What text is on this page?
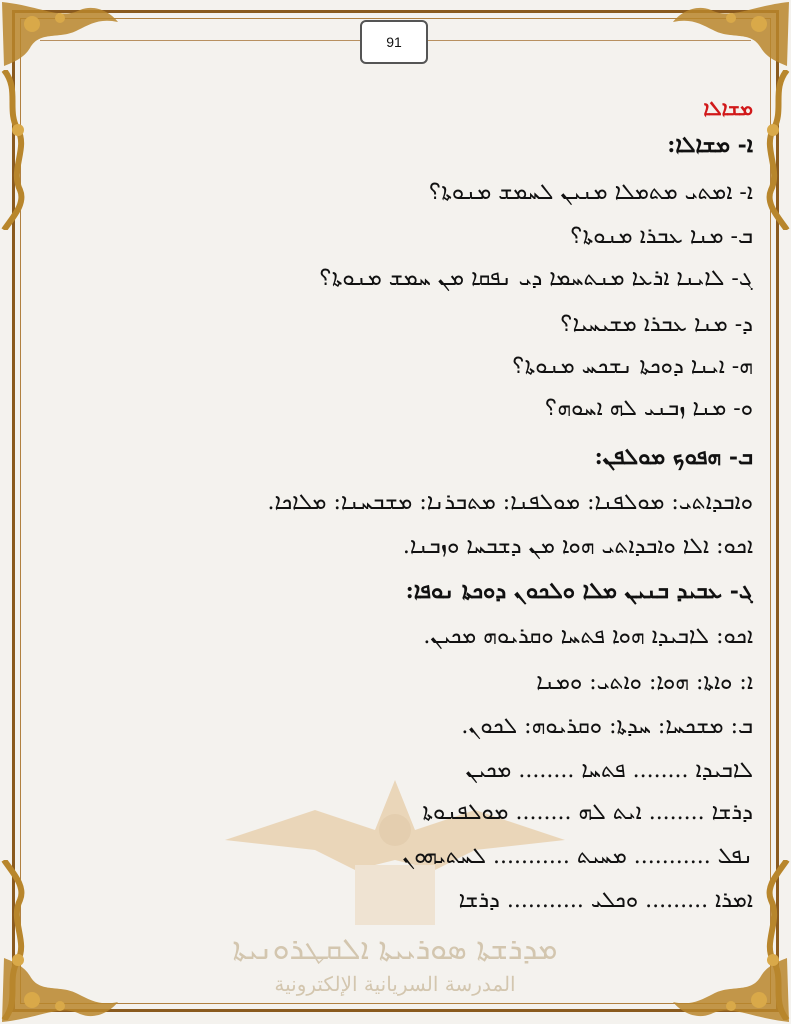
91
ܡܕܪܫܬܐ ܣܘܪܝܝܬܐ ܐܠܩܛܪܘܢܝܬܐ
المدرسة السريانية الإلكترونية
ܡܫܐܠܐ
ܐ- ܡܫܐܠܐ:
ܐ- ܐܡܬܝ ܡܬܡܠܐ ܡܢܝܢ ܠܚܡܫ ܡܢܘܬܐ؟
ܒ- ܡܢܐ ܥܒܪܐ ܡܢܘܬܐ؟
ܓ- ܠܐܝܢܐ ܐܪܥܐ ܡܢܬܚܡܐ ܕܝ ܢܦܩܐ ܡܢ ܚܡܫ ܡܢܘܬܐ؟
ܕ- ܡܢܐ ܥܒܪܐ ܡܫܝܚܝܐ؟
ܗ- ܐܝܢܐ ܕܘܟܬܐ ܢܫܟܚ ܡܢܘܬܐ؟
ܘ- ܡܢܐ ܙܒܢܝ ܠܗ ܐܚܘܗ؟
ܒ- ܗܦܘܟ ܡܘܠܦܢ:
ܘܐܒܕܐܬܝ: ܡܘܠܦܢܐ: ܡܘܠܦܢܐ: ܡܬܒܪܢܐ: ܡܫܒܚܢܐ: ܡܠܐܟܐ.
ܐܟܘ: ܐܠܐ ܘܐܒܕܐܬܝ ܗܘܐ ܡܢ ܕܫܒܚܐ ܘܙܒܢܐ.
ܓ- ܥܒܝܕ ܒܢܝܢ ܡܠܐ ܘܠܟܘܢ ܕܘܟܬܐ ܢܘܦܐ:
ܐܟܘ: ܠܐܒܝܕܐ ܗܘܐ ܦܬܚܐ ܘܩܪܝܘܗ ܡܟܝܢ.
ܐ: ܘܐܬܐ: ܗܘܐ: ܘܐܬܝ: ܘܡܢܐ
ܒ: ܡܫܟܚܐ: ܚܕܬܐ: ܘܩܪܝܘܗ: ܠܟܘܢ.
ܠܐܒܝܕܐ ........ ܦܬܚܐ ........ ܡܟܝܢ
ܕܪܫܐ ........ ܐܝܬ ܠܗ ........ ܡܘܠܦܢܘܬܐ
ܢܦܠ ........... ܡܚܝܬ ........... ܠܚܬܝܗܘܢ
ܐܡܪܐ ......... ܘܟܠܝ ........... ܕܪܫܐ
